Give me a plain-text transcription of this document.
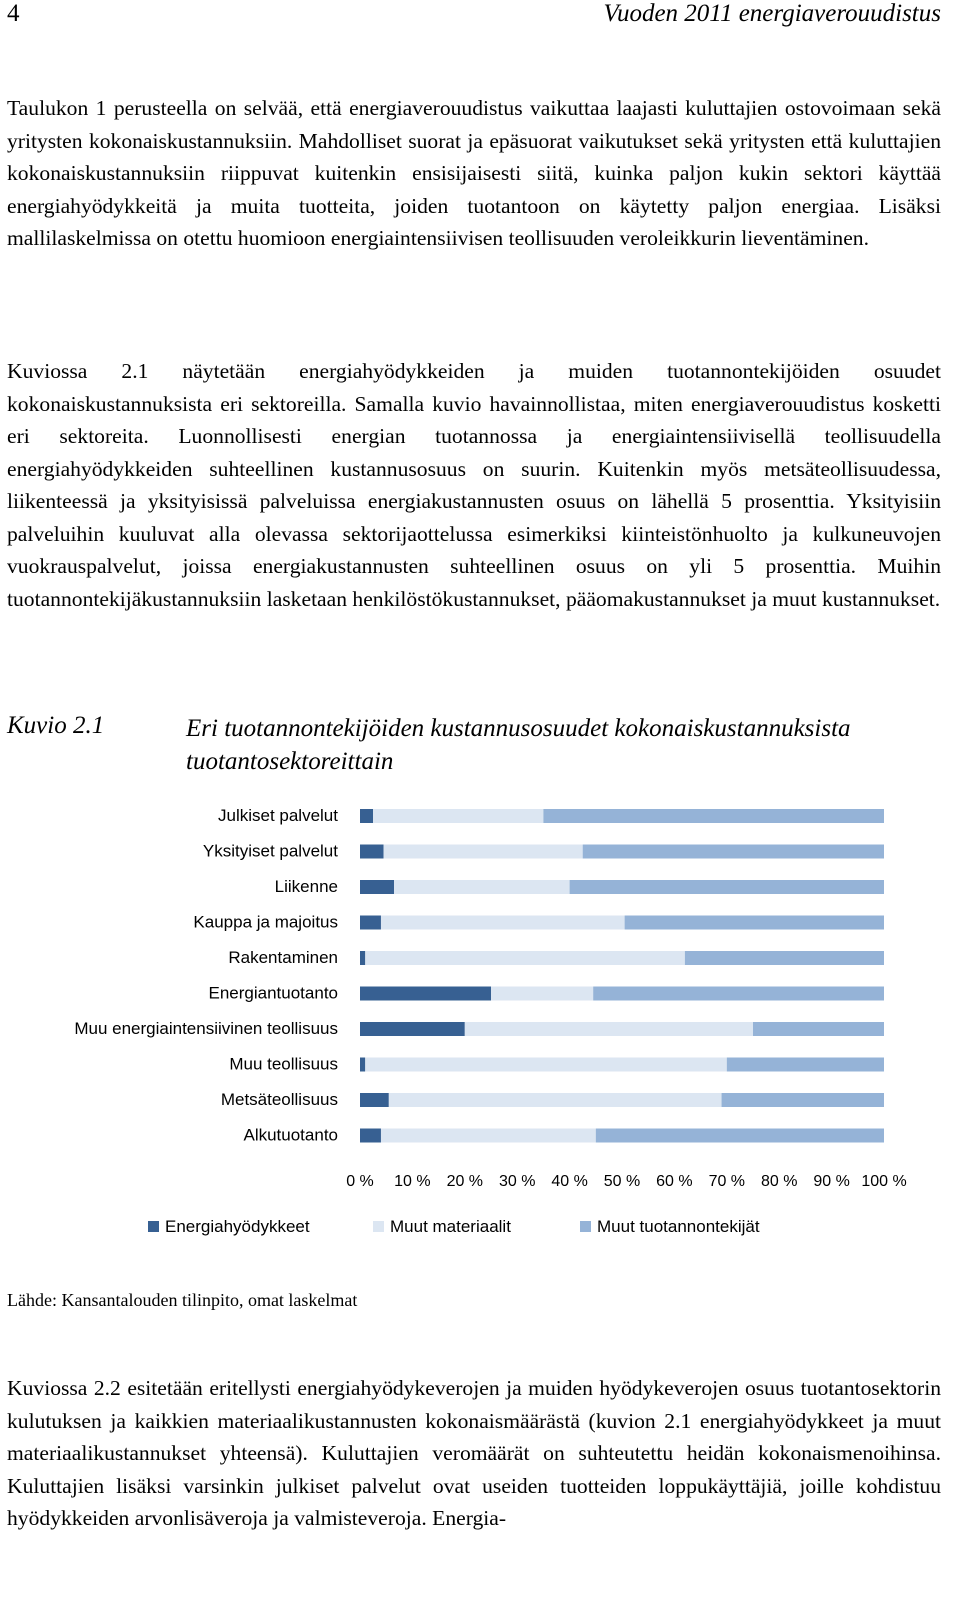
4	Vuoden 2011 energiaverouudistus
Taulukon 1 perusteella on selvää, että energiaverouudistus vaikuttaa laajasti kuluttajien ostovoimaan sekä yritysten kokonaiskustannuksiin. Mahdolliset suorat ja epäsuorat vaikutukset sekä yritysten että kuluttajien kokonaiskustannuksiin riippuvat kuitenkin ensisijaisesti siitä, kuinka paljon kukin sektori käyttää energiahyödykkeitä ja muita tuotteita, joiden tuotantoon on käytetty paljon energiaa. Lisäksi mallilaskelmissa on otettu huomioon energiaintensiivisen teollisuuden veroleikkurin lieventäminen.
Kuviossa 2.1 näytetään energiahyödykkeiden ja muiden tuotannontekijöiden osuudet kokonaiskustannuksista eri sektoreilla. Samalla kuvio havainnollistaa, miten energiaverouudistus kosketti eri sektoreita. Luonnollisesti energian tuotannossa ja energiaintensiivisellä teollisuudella energiahyödykkeiden suhteellinen kustannusosuus on suurin. Kuitenkin myös metsäteollisuudessa, liikenteessä ja yksityisissä palveluissa energiakustannusten osuus on lähellä 5 prosenttia. Yksityisiin palveluihin kuuluvat alla olevassa sektorijaottelussa esimerkiksi kiinteistönhuolto ja kulkuneuvojen vuokrauspalvelut, joissa energiakustannusten suhteellinen osuus on yli 5 prosenttia. Muihin tuotannontekijäkustannuksiin lasketaan henkilöstökustannukset, pääomakustannukset ja muut kustannukset.
Kuvio 2.1	Eri tuotannontekijöiden kustannusosuudet kokonaiskustannuksista tuotantosektoreittain
Julkiset palvelut
Yksityiset palvelut
Liikenne
Kauppa ja majoitus
Rakentaminen
Energiantuotanto
Muu energiaintensiivinen teollisuus
Muu teollisuus
Metsäteollisuus
Alkutuotanto
0 % 10 % 20 % 30 % 40 % 50 % 60 % 70 % 80 % 90 % 100 %
Energiahyödykkeet	Muut materiaalit	Muut tuotannontekijät
Lähde: Kansantalouden tilinpito, omat laskelmat
Kuviossa 2.2 esitetään eritellysti energiahyödykeverojen ja muiden hyödykeverojen osuus tuotantosektorin kulutuksen ja kaikkien materiaalikustannusten kokonaismäärästä (kuvion 2.1 energiahyödykkeet ja muut materiaalikustannukset yhteensä). Kuluttajien veromäärät on suhteutettu heidän kokonaismenoihinsa. Kuluttajien lisäksi varsinkin julkiset palvelut ovat useiden tuotteiden loppukäyttäjiä, joille kohdistuu hyödykkeiden arvonlisäveroja ja valmisteveroja. Energia-
